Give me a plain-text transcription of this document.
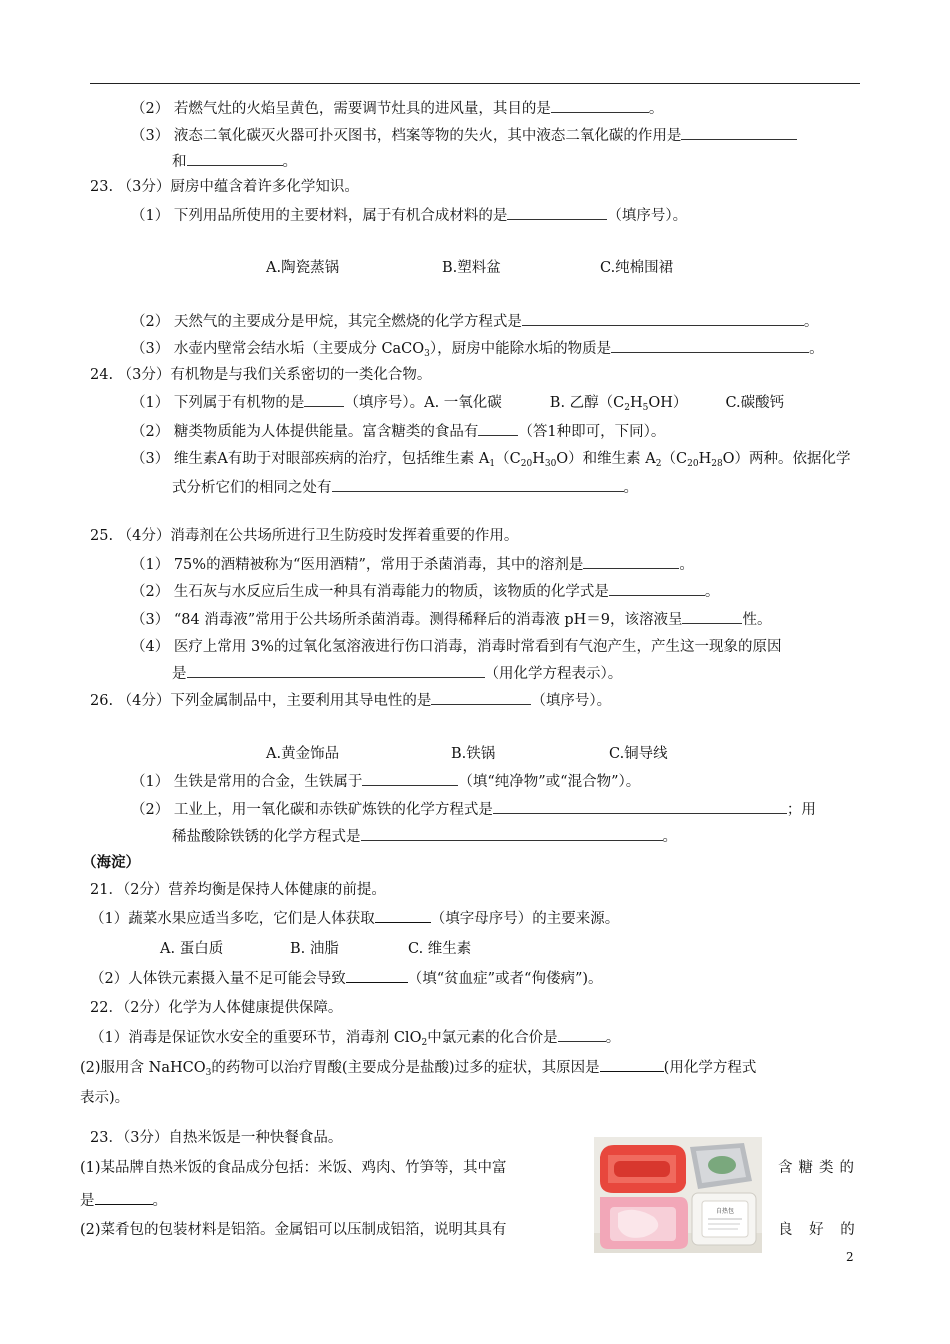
（2） 若燃气灶的火焰呈黄色，需要调节灶具的进风量，其目的是	。
（3） 液态二氧化碳灭火器可扑灭图书，档案等物的失火，其中液态二氧化碳的作用是
和	。
23. （3分）厨房中蕴含着许多化学知识。
（1） 下列用品所使用的主要材料，属于有机合成材料的是	（填序号）。
A.陶瓷蒸锅	B.塑料盆	C.纯棉围裙
（2） 天然气的主要成分是甲烷，其完全燃烧的化学方程式是	。
（3） 水壶内壁常会结水垢（主要成分 CaCO$_3$），厨房中能除水垢的物质是	。
24. （3分）有机物是与我们关系密切的一类化合物。
（1） 下列属于有机物的是	（填序号）。A. 一氧化碳	B. 乙醇$(C_2H_5OH)$	C.碳酸钙
（2） 糖类物质能为人体提供能量。富含糖类的食品有	（答1种即可，下同）。
（3） 维生素A有助于对眼部疾病的治疗，包括维生素 $A_1(C_{20}H_{30}O)$和维生素 $A_2(C_{20}H_{28}O)$两种。依据化学
式分析它们的相同之处有	。
25. （4分）消毒剂在公共场所进行卫生防疫时发挥着重要的作用。
（1） 75%的酒精被称为“医用酒精”，常用于杀菌消毒，其中的溶剂是	。
（2） 生石灰与水反应后生成一种具有消毒能力的物质，该物质的化学式是	。
（3） “84 消毒液”常用于公共场所杀菌消毒。测得稀释后的消毒液 pH＝9，该溶液呈	性。
（4） 医疗上常用 3%的过氧化氢溶液进行伤口消毒，消毒时常看到有气泡产生，产生这一现象的原因
是	（用化学方程表示）。
26. （4分）下列金属制品中，主要利用其导电性的是	（填序号）。
A.黄金饰品	B.铁锅	C.铜导线
（1） 生铁是常用的合金，生铁属于	（填“纯净物”或“混合物”）。
（2） 工业上，用一氧化碳和赤铁矿炼铁的化学方程式是	；用
稀盐酸除铁锈的化学方程式是	。
（海淀）
21．（2分）营养均衡是保持人体健康的前提。
（1）蔬菜水果应适当多吃，它们是人体获取	（填字母序号）的主要来源。
A. 蛋白质	B. 油脂	C. 维生素
（2）人体铁元素摄入量不足可能会导致	（填“贫血症”或者“佝偻病”)。
22．（2分）化学为人体健康提供保障。
（1）消毒是保证饮水安全的重要环节，消毒剂 ClO$_2$中氯元素的化合价是	。
(2)服用含 NaHCO$_3$的药物可以治疗胃酸(主要成分是盐酸)过多的症状，其原因是	(用化学方程式
表示)。
23．（3分）自热米饭是一种快餐食品。
(1)某品牌自热米饭的食品成分包括：米饭、鸡肉、竹笋等，其中富	含糖类的
是	。
(2)菜肴包的包装材料是铝箔。金属铝可以压制成铝箔，说明其具有	良 好 的
自热包
2
